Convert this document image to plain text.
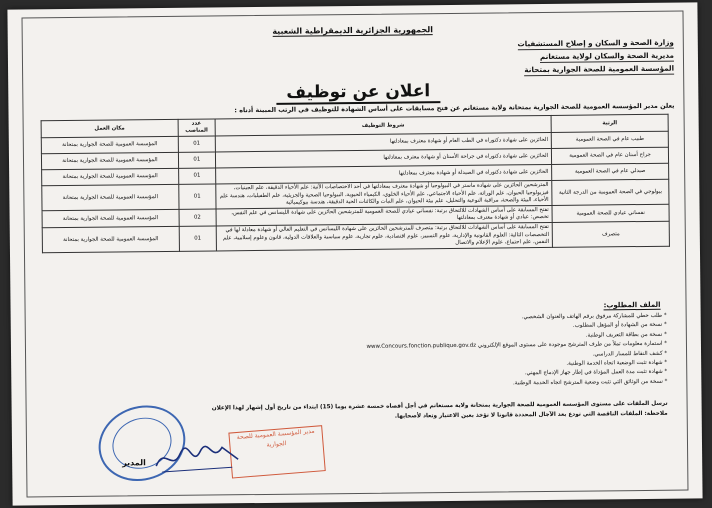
الجمهورية الجزائرية الديمقراطية الشعبية
وزارة الصحة و السكان و إصلاح المستشفيات
مديرية الصحة والسكان لولاية مستغانم
المؤسسة العمومية للصحة الجوارية بمتحانة
اعلان عن توظيف
يعلن مدير المؤسسة العمومية للصحة الجوارية بمتحانة ولاية مستغانم عن فتح مسابقات على أساس الشهادة للتوظيف في الرتب المبينة أدناه :
الرتبة	شروط التوظيف	عدد المناصب	مكان العمل
طبيب عام في الصحة العمومية	الحائزين على شهادة دكتوراه في الطب العام أو شهادة معترف بمعادلتها	01	المؤسسة العمومية للصحة الجوارية بمتحانة
جراح أسنان عام في الصحة العمومية	الحائزين على شهادة دكتوراه في جراحة الأسنان أو شهادة معترف بمعادلتها	01	المؤسسة العمومية للصحة الجوارية بمتحانة
صيدلي عام في الصحة العمومية	الحائزين على شهادة دكتوراه في الصيدلة أو شهادة معترف بمعادلتها	01	المؤسسة العمومية للصحة الجوارية بمتحانة
بيولوجي في الصحة العمومية من الدرجة الثانية	المترشحين الحائزين على شهادة ماستر في البيولوجيا أو شهادة معترف بمعادلتها في أحد الاختصاصات الآتية: علم الأحياء الدقيقة، علم الجينيات، فيزيولوجيا الحيوان، علم الوراثة، علم الأحياء الاجتماعي، علم الأحياء الخلوي، الكيمياء الحيوية، البيولوجيا الصحية والجزيئية، علم الطفيليات، هندسة علم الأحياء، البيئة والصحة، مراقبة النوعية والتحليل، علم بيئة الحيوان، علم النبات والكائنات الحية الدقيقة، هندسة بيوكيميائية	01	المؤسسة العمومية للصحة الجوارية بمتحانة
نفساني عيادي للصحة العمومية	تفتح المسابقة على أساس الشهادات للالتحاق برتبة: نفساني عيادي للصحة العمومية للمترشحين الحائزين على شهادة الليسانس في علم النفس، تخصص: عيادي أو شهادة معترف بمعادلتها	02	المؤسسة العمومية للصحة الجوارية بمتحانة
متصرف	تفتح المسابقة على أساس الشهادات للالتحاق برتبة: متصرف للمترشحين الحائزين على شهادة الليسانس في التعليم العالي أو شهادة معادلة لها في التخصصات التالية: العلوم القانونية والإدارية، علوم التسيير، علوم اقتصادية، علوم تجارية، علوم سياسية والعلاقات الدولية، قانون وعلوم إسلامية، علم النفس، علم اجتماع، علوم الإعلام والاتصال	01	المؤسسة العمومية للصحة الجوارية بمتحانة
الملف المطلوب:
* طلب خطي للمشاركة مرفوق برقم الهاتف والعنوان الشخصي.
* نسخة من الشهادة أو المؤهل المطلوب.
* نسخة من بطاقة التعريف الوطنية.
* استمارة معلومات تملأ من طرف المترشح موجودة على مستوى الموقع الإلكتروني www.Concours.fonction.publique.gov.dz
* كشف النقاط للمسار الدراسي.
* شهادة تثبت الوضعية اتجاه الخدمة الوطنية.
* شهادة تثبت مدة العمل المؤداة في إطار جهاز الإدماج المهني.
* نسخة من الوثائق التي تثبت وضعية المترشح اتجاه الخدمة الوطنية.
ترسل الملفات على مستوى المؤسسة العمومية للصحة الجوارية بمتحانة ولاية مستغانم في أجل أقصاه خمسة عشرة يوما (15) ابتداء من تاريخ أول إشهار لهذا الإعلان
ملاحظة: الملفات الناقصة التي تودع بعد الآجال المحددة قانونا لا تؤخذ بعين الاعتبار وتعاد لأصحابها.
مدير المؤسسة العمومية للصحة الجوارية
المدير
